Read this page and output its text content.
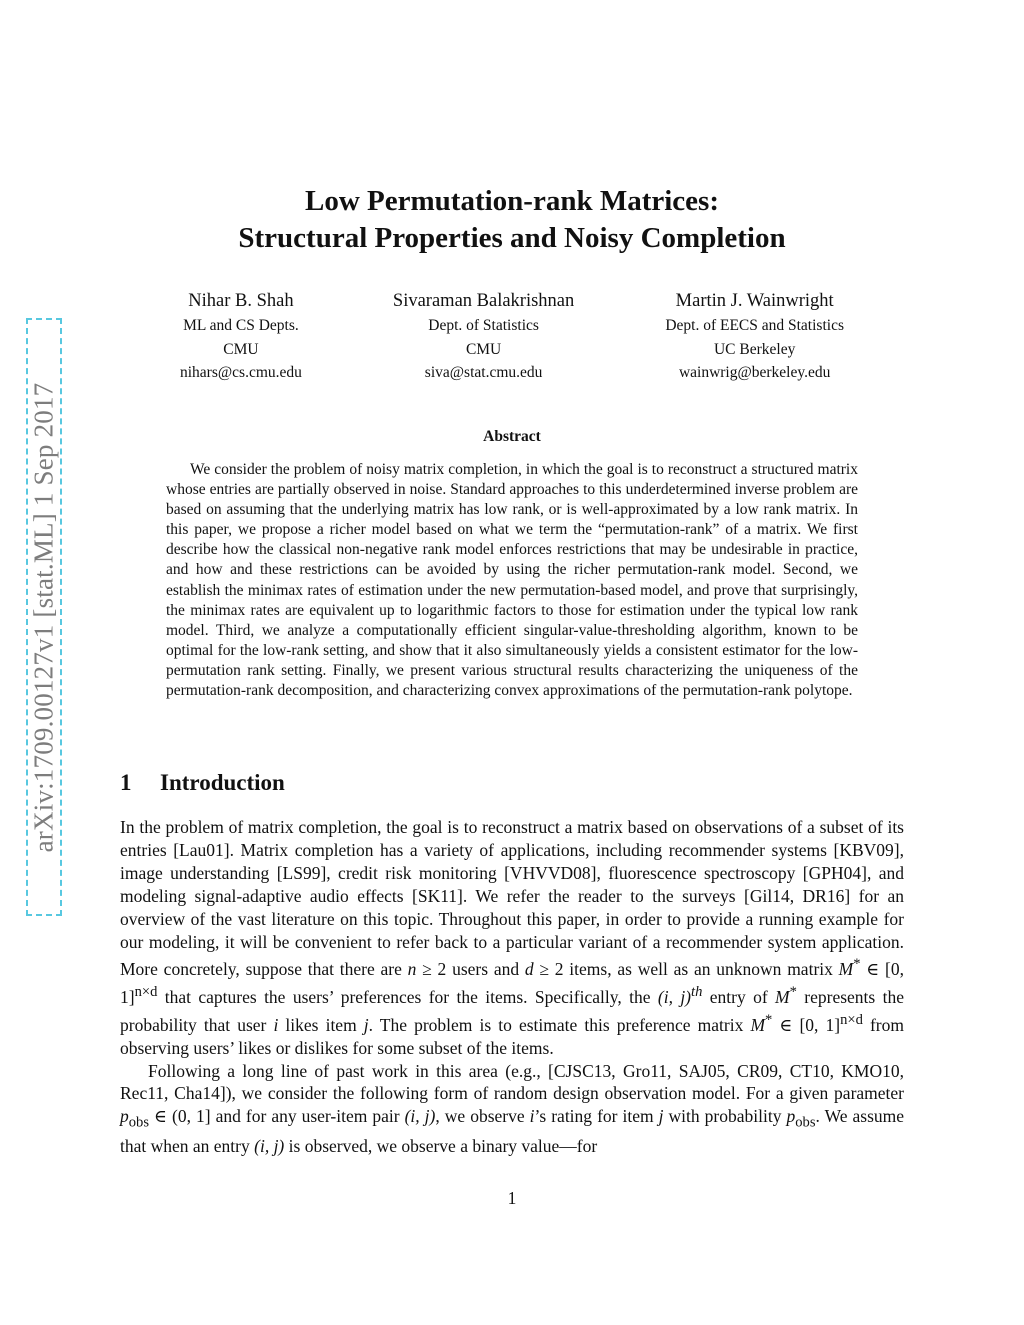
arXiv:1709.00127v1 [stat.ML] 1 Sep 2017
Low Permutation-rank Matrices:
Structural Properties and Noisy Completion
Nihar B. Shah
ML and CS Depts.
CMU
nihars@cs.cmu.edu
Sivaraman Balakrishnan
Dept. of Statistics
CMU
siva@stat.cmu.edu
Martin J. Wainwright
Dept. of EECS and Statistics
UC Berkeley
wainwrig@berkeley.edu
Abstract
We consider the problem of noisy matrix completion, in which the goal is to reconstruct a structured matrix whose entries are partially observed in noise. Standard approaches to this underdetermined inverse problem are based on assuming that the underlying matrix has low rank, or is well-approximated by a low rank matrix. In this paper, we propose a richer model based on what we term the “permutation-rank” of a matrix. We first describe how the classical non-negative rank model enforces restrictions that may be undesirable in practice, and how and these restrictions can be avoided by using the richer permutation-rank model. Second, we establish the minimax rates of estimation under the new permutation-based model, and prove that surprisingly, the minimax rates are equivalent up to logarithmic factors to those for estimation under the typical low rank model. Third, we analyze a computationally efficient singular-value-thresholding algorithm, known to be optimal for the low-rank setting, and show that it also simultaneously yields a consistent estimator for the low-permutation rank setting. Finally, we present various structural results characterizing the uniqueness of the permutation-rank decomposition, and characterizing convex approximations of the permutation-rank polytope.
1 Introduction

In the problem of matrix completion, the goal is to reconstruct a matrix based on observations of a subset of its entries [Lau01]. Matrix completion has a variety of applications, including recommender systems [KBV09], image understanding [LS99], credit risk monitoring [VHVVD08], fluorescence spectroscopy [GPH04], and modeling signal-adaptive audio effects [SK11]. We refer the reader to the surveys [Gil14, DR16] for an overview of the vast literature on this topic. Throughout this paper, in order to provide a running example for our modeling, it will be convenient to refer back to a particular variant of a recommender system application. More concretely, suppose that there are n ≥ 2 users and d ≥ 2 items, as well as an unknown matrix M* ∈ [0, 1]$^{n\times d}$ that captures the users’ preferences for the items. Specifically, the (i, j)$^{th}$ entry of M* represents the probability that user i likes item j. The problem is to estimate this preference matrix M* ∈ [0, 1]$^{n\times d}$ from observing users’ likes or dislikes for some subset of the items.

Following a long line of past work in this area (e.g., [CJSC13, Gro11, SAJ05, CR09, CT10, KMO10, Rec11, Cha14]), we consider the following form of random design observation model. For a given parameter $p_{obs}$ ∈ (0, 1] and for any user-item pair (i, j), we observe i’s rating for item j with probability $p_{obs}$. We assume that when an entry (i, j) is observed, we observe a binary value—for

1
